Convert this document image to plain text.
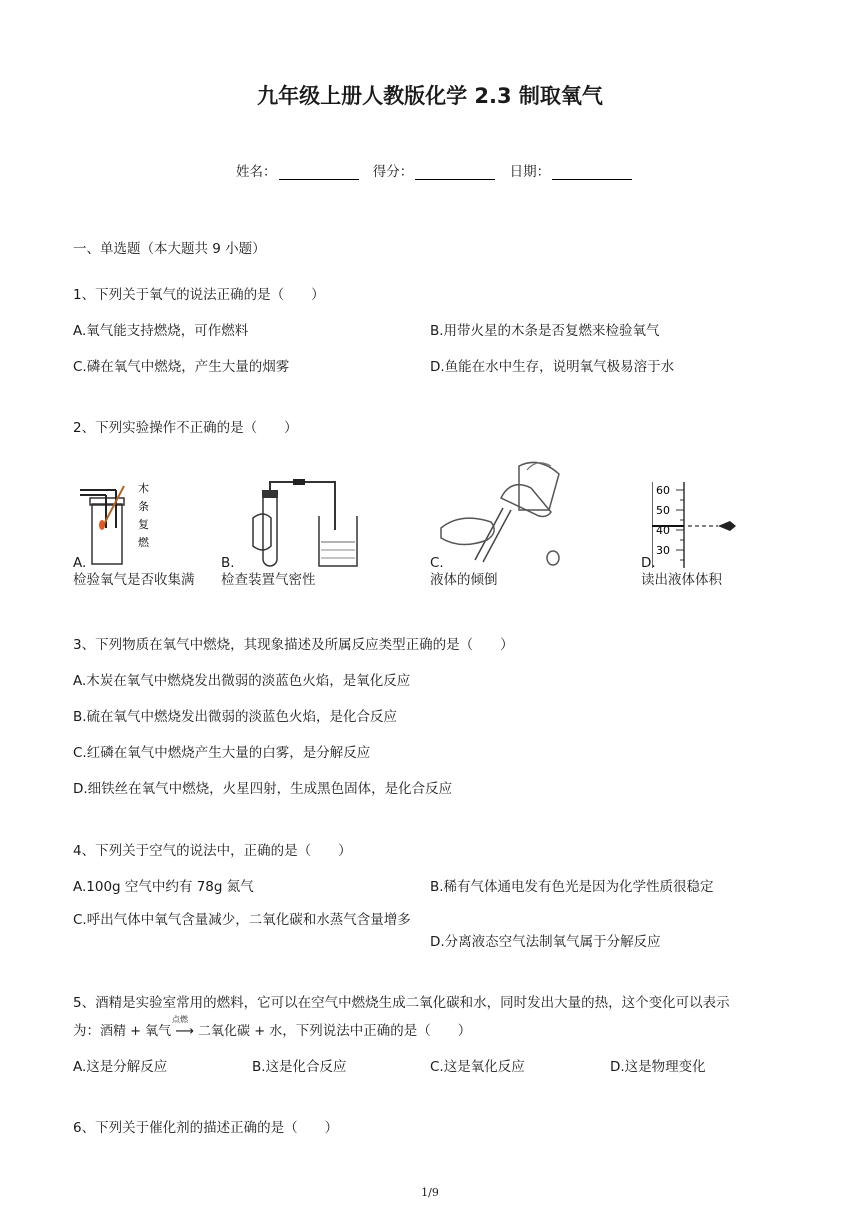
九年级上册人教版化学 2.3 制取氧气
姓名：	得分：	日期：
一、单选题（本大题共 9 小题）
1、下列关于氧气的说法正确的是（　　）
A.氧气能支持燃烧，可作燃料	B.用带火星的木条是否复燃来检验氧气
C.磷在氧气中燃烧，产生大量的烟雾	D.鱼能在水中生存，说明氧气极易溶于水
2、下列实验操作不正确的是（　　）
木
条
复
燃
60
50
40
30
A.
检验氧气是否收集满
B.
检查装置气密性
C.
液体的倾倒
D.
读出液体体积
3、下列物质在氧气中燃烧，其现象描述及所属反应类型正确的是（　　）
A.木炭在氧气中燃烧发出微弱的淡蓝色火焰，是氧化反应
B.硫在氧气中燃烧发出微弱的淡蓝色火焰，是化合反应
C.红磷在氧气中燃烧产生大量的白雾，是分解反应
D.细铁丝在氧气中燃烧，火星四射，生成黑色固体，是化合反应
4、下列关于空气的说法中，正确的是（　　）
A.100g 空气中约有 78g 氮气	B.稀有气体通电发有色光是因为化学性质很稳定
C.呼出气体中氧气含量减少，二氧化碳和水蒸气含量增多
D.分离液态空气法制氧气属于分解反应
5、酒精是实验室常用的燃料，它可以在空气中燃烧生成二氧化碳和水，同时发出大量的热，这个变化可以表示
为：
点燃
酒精 + 氧气 ⟶ 二氧化碳 + 水，下列说法中正确的是（　　）
A.这是分解反应	B.这是化合反应	C.这是氧化反应	D.这是物理变化
6、下列关于催化剂的描述正确的是（　　）
1/9
